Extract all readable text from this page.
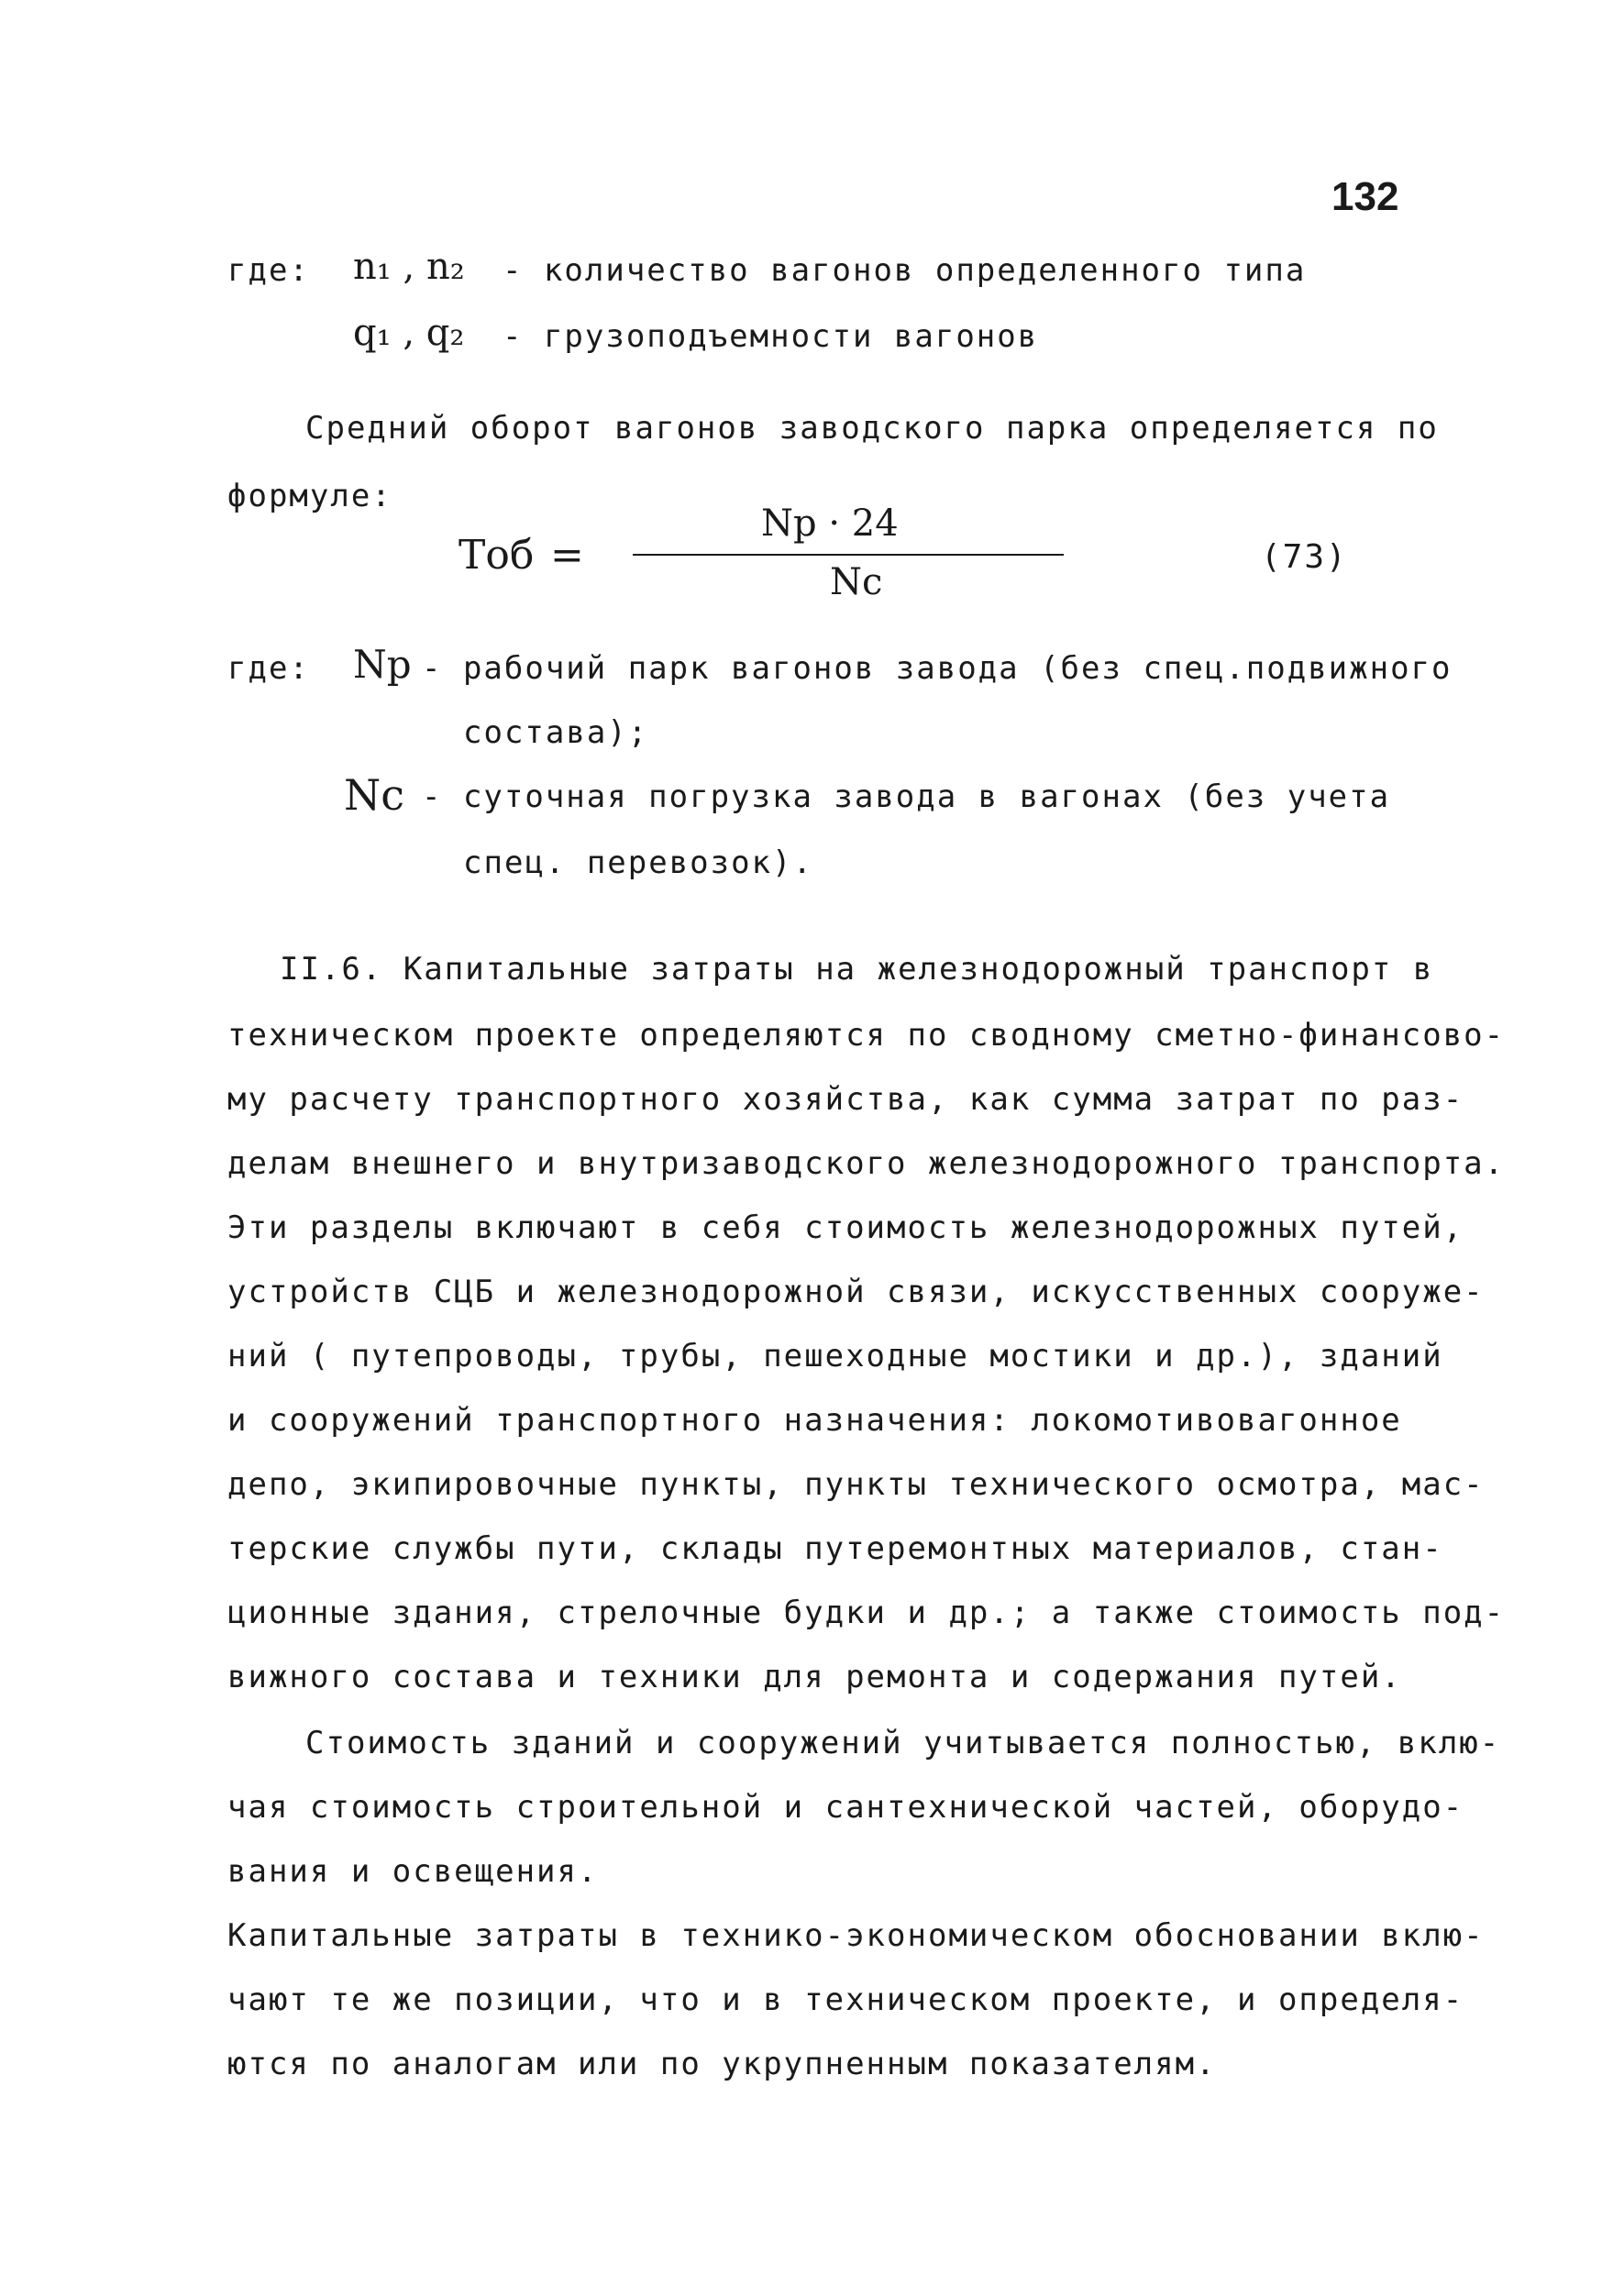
132
где: n₁ , n₂ - количество вагонов определенного типа
q₁ , q₂ - грузоподъемности вагонов
Средний оборот вагонов заводского парка определяется по
формуле:
Тоб =
Nр · 24
Nс
(73)
где: Nр - рабочий парк вагонов завода (без спец.подвижного
состава);
Nс - суточная погрузка завода в вагонах (без учета
спец. перевозок).
II.6. Капитальные затраты на железнодорожный транспорт в
техническом проекте определяются по сводному сметно-финансово-
му расчету транспортного хозяйства, как сумма затрат по раз-
делам внешнего и внутризаводского железнодорожного транспорта.
Эти разделы включают в себя стоимость железнодорожных путей,
устройств СЦБ и железнодорожной связи, искусственных сооруже-
ний ( путепроводы, трубы, пешеходные мостики и др.), зданий
и сооружений транспортного назначения: локомотивовагонное
депо, экипировочные пункты, пункты технического осмотра, мас-
терские службы пути, склады путеремонтных материалов, стан-
ционные здания, стрелочные будки и др.; а также стоимость под-
вижного состава и техники для ремонта и содержания путей.
Стоимость зданий и сооружений учитывается полностью, вклю-
чая стоимость строительной и сантехнической частей, оборудо-
вания и освещения.
Капитальные затраты в технико-экономическом обосновании вклю-
чают те же позиции, что и в техническом проекте, и определя-
ются по аналогам или по укрупненным показателям.
